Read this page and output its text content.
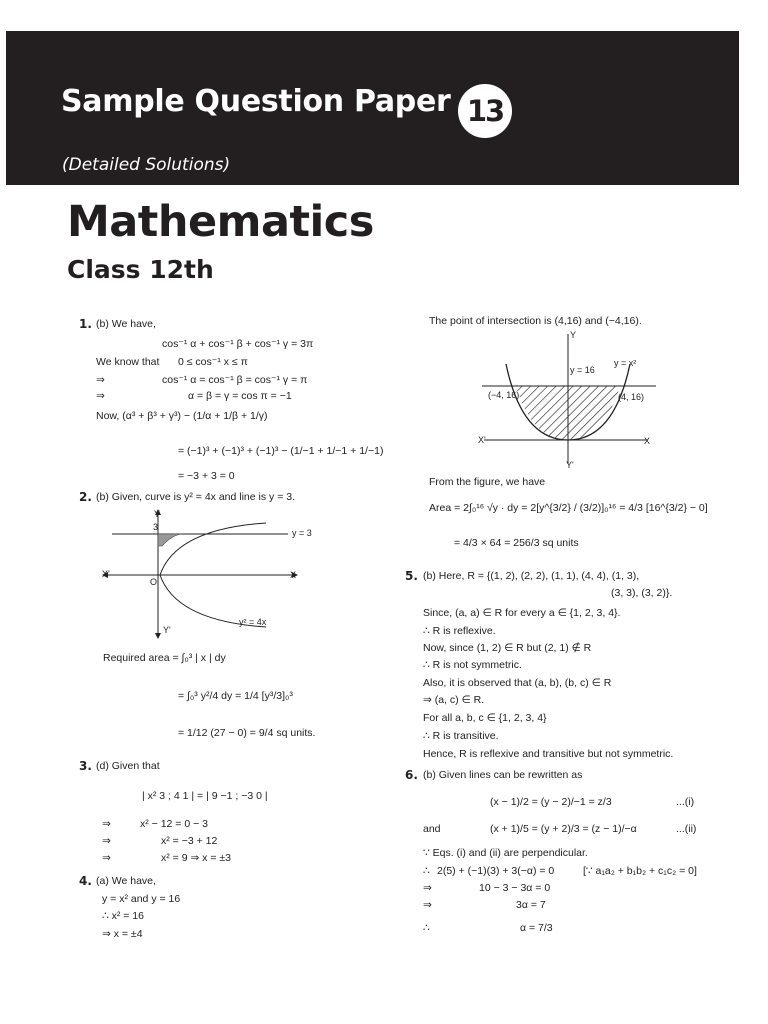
Sample Question Paper 13
(Detailed Solutions)
Mathematics
Class 12th
1. (b) We have,
cos⁻¹ α + cos⁻¹ β + cos⁻¹ γ = 3π
We know that 0 ≤ cos⁻¹ x ≤ π
⇒	cos⁻¹ α = cos⁻¹ β = cos⁻¹ γ = π
⇒	α = β = γ = cos π = −1
Now, (α³ + β³ + γ³) − (1/α + 1/β + 1/γ)
= (−1)³ + (−1)³ + (−1)³ − (1/−1 + 1/−1 + 1/−1)
= −3 + 3 = 0
2. (b) Given, curve is y² = 4x and line is y = 3.
Y
3
y = 3
X'
O
X
y² = 4x
Y'
Required area = ∫₀³ | x | dy
= ∫₀³ y²/4 dy = 1/4 [y³/3]₀³
= 1/12 (27 − 0) = 9/4 sq units.
3. (d) Given that
| x² 3 ; 4 1 | = | 9 −1 ; −3 0 |
⇒	x² − 12 = 0 − 3
⇒	x² = −3 + 12
⇒	x² = 9 ⇒ x = ±3
4. (a) We have,
y = x² and y = 16
∴ x² = 16
⇒ x = ±4
The point of intersection is (4,16) and (−4,16).
Y
y = x²
y = 16
(−4, 16)	(4, 16)
X'	X
Y'
From the figure, we have
Area = 2∫₀¹⁶ √y · dy = 2[y^{3/2} / (3/2)]₀¹⁶ = 4/3 [16^{3/2} − 0]
= 4/3 × 64 = 256/3 sq units
5. (b) Here, R = {(1, 2), (2, 2), (1, 1), (4, 4), (1, 3),
(3, 3), (3, 2)}.
Since, (a, a) ∈ R for every a ∈ {1, 2, 3, 4}.
∴ R is reflexive.
Now, since (1, 2) ∈ R but (2, 1) ∉ R
∴ R is not symmetric.
Also, it is observed that (a, b), (b, c) ∈ R
⇒ (a, c) ∈ R.
For all a, b, c ∈ {1, 2, 3, 4}
∴ R is transitive.
Hence, R is reflexive and transitive but not symmetric.
6. (b) Given lines can be rewritten as
(x − 1)/2 = (y − 2)/−1 = z/3	...(i)
and	(x + 1)/5 = (y + 2)/3 = (z − 1)/−α	...(ii)
∵ Eqs. (i) and (ii) are perpendicular.
∴ 2(5) + (−1)(3) + 3(−α) = 0	[∵ a₁a₂ + b₁b₂ + c₁c₂ = 0]
⇒	10 − 3 − 3α = 0
⇒	3α = 7
∴	α = 7/3
